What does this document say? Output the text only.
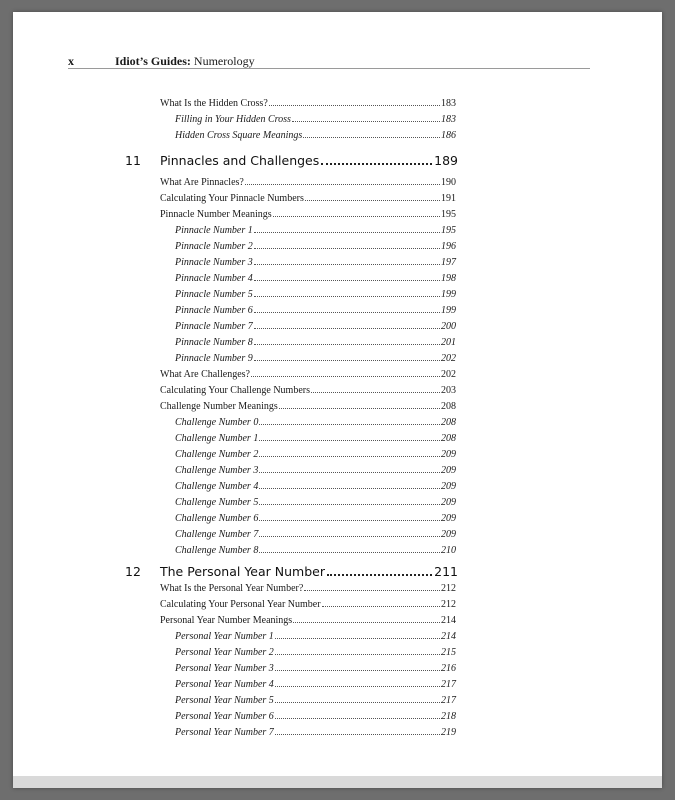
x	Idiot’s Guides: Numerology
What Is the Hidden Cross?	183
Filling in Your Hidden Cross	183
Hidden Cross Square Meanings	186
11 Pinnacles and Challenges	189
What Are Pinnacles?	190
Calculating Your Pinnacle Numbers	191
Pinnacle Number Meanings	195
Pinnacle Number 1	195
Pinnacle Number 2	196
Pinnacle Number 3	197
Pinnacle Number 4	198
Pinnacle Number 5	199
Pinnacle Number 6	199
Pinnacle Number 7	200
Pinnacle Number 8	201
Pinnacle Number 9	202
What Are Challenges?	202
Calculating Your Challenge Numbers	203
Challenge Number Meanings	208
Challenge Number 0	208
Challenge Number 1	208
Challenge Number 2	209
Challenge Number 3	209
Challenge Number 4	209
Challenge Number 5	209
Challenge Number 6	209
Challenge Number 7	209
Challenge Number 8	210
12 The Personal Year Number	211
What Is the Personal Year Number?	212
Calculating Your Personal Year Number	212
Personal Year Number Meanings	214
Personal Year Number 1	214
Personal Year Number 2	215
Personal Year Number 3	216
Personal Year Number 4	217
Personal Year Number 5	217
Personal Year Number 6	218
Personal Year Number 7	219
